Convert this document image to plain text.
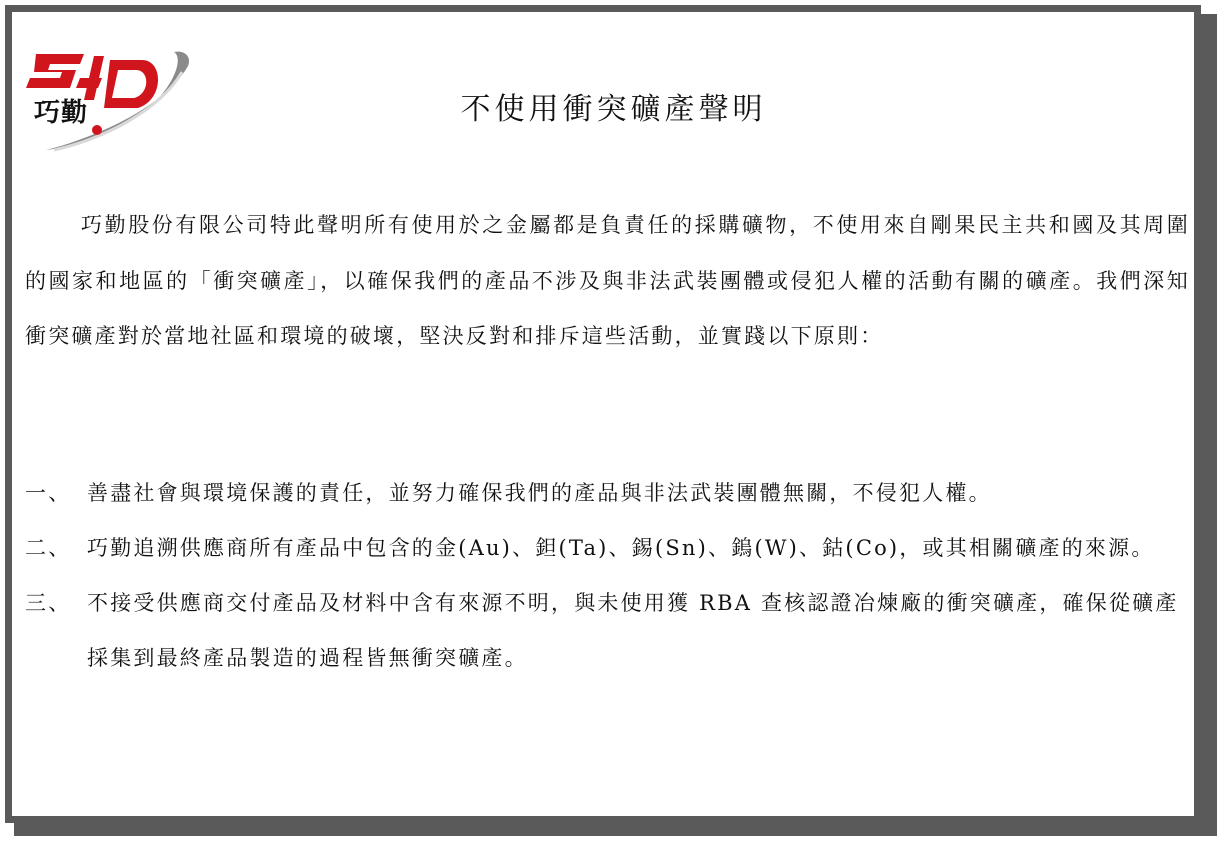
巧勤	不使用衝突礦產聲明

巧勤股份有限公司特此聲明所有使用於之金屬都是負責任的採購礦物，不使用來自剛果民主共和國及其周圍的國家和地區的「衝突礦產」，以確保我們的產品不涉及與非法武裝團體或侵犯人權的活動有關的礦產。我們深知衝突礦產對於當地社區和環境的破壞，堅決反對和排斥這些活動，並實踐以下原則：

一、 善盡社會與環境保護的責任，並努力確保我們的產品與非法武裝團體無關，不侵犯人權。
二、 巧勤追溯供應商所有產品中包含的金(Au)、鉭(Ta)、錫(Sn)、鎢(W)、鈷(Co)，或其相關礦產的來源。
三、 不接受供應商交付產品及材料中含有來源不明，與未使用獲 RBA 查核認證冶煉廠的衝突礦產，確保從礦產採集到最終產品製造的過程皆無衝突礦產。
